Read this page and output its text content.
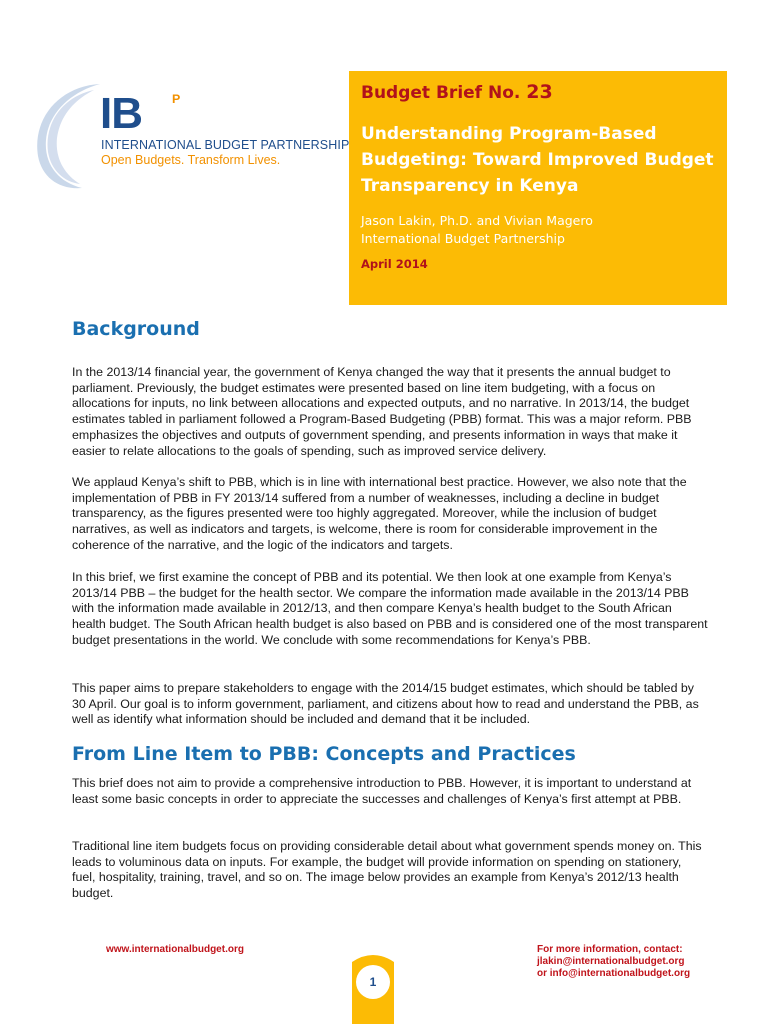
IB P
INTERNATIONAL BUDGET PARTNERSHIP
Open Budgets. Transform Lives.
Budget Brief No. 23
Understanding Program-Based Budgeting: Toward Improved Budget Transparency in Kenya
Jason Lakin, Ph.D. and Vivian Magero
International Budget Partnership
April 2014
Background

In the 2013/14 financial year, the government of Kenya changed the way that it presents the annual budget to parliament. Previously, the budget estimates were presented based on line item budgeting, with a focus on allocations for inputs, no link between allocations and expected outputs, and no narrative. In 2013/14, the budget estimates tabled in parliament followed a Program-Based Budgeting (PBB) format. This was a major reform. PBB emphasizes the objectives and outputs of government spending, and presents information in ways that make it easier to relate allocations to the goals of spending, such as improved service delivery.

We applaud Kenya’s shift to PBB, which is in line with international best practice. However, we also note that the implementation of PBB in FY 2013/14 suffered from a number of weaknesses, including a decline in budget transparency, as the figures presented were too highly aggregated. Moreover, while the inclusion of budget narratives, as well as indicators and targets, is welcome, there is room for considerable improvement in the coherence of the narrative, and the logic of the indicators and targets.

In this brief, we first examine the concept of PBB and its potential. We then look at one example from Kenya’s 2013/14 PBB – the budget for the health sector. We compare the information made available in the 2013/14 PBB with the information made available in 2012/13, and then compare Kenya’s health budget to the South African health budget. The South African health budget is also based on PBB and is considered one of the most transparent budget presentations in the world. We conclude with some recommendations for Kenya’s PBB.

This paper aims to prepare stakeholders to engage with the 2014/15 budget estimates, which should be tabled by 30 April. Our goal is to inform government, parliament, and citizens about how to read and understand the PBB, as well as identify what information should be included and demand that it be included.

From Line Item to PBB: Concepts and Practices

This brief does not aim to provide a comprehensive introduction to PBB. However, it is important to understand at least some basic concepts in order to appreciate the successes and challenges of Kenya’s first attempt at PBB.

Traditional line item budgets focus on providing considerable detail about what government spends money on. This leads to voluminous data on inputs. For example, the budget will provide information on spending on stationery, fuel, hospitality, training, travel, and so on. The image below provides an example from Kenya’s 2012/13 health budget.

www.internationalbudget.org	For more information, contact:
jlakin@internationalbudget.org
or info@internationalbudget.org
1
